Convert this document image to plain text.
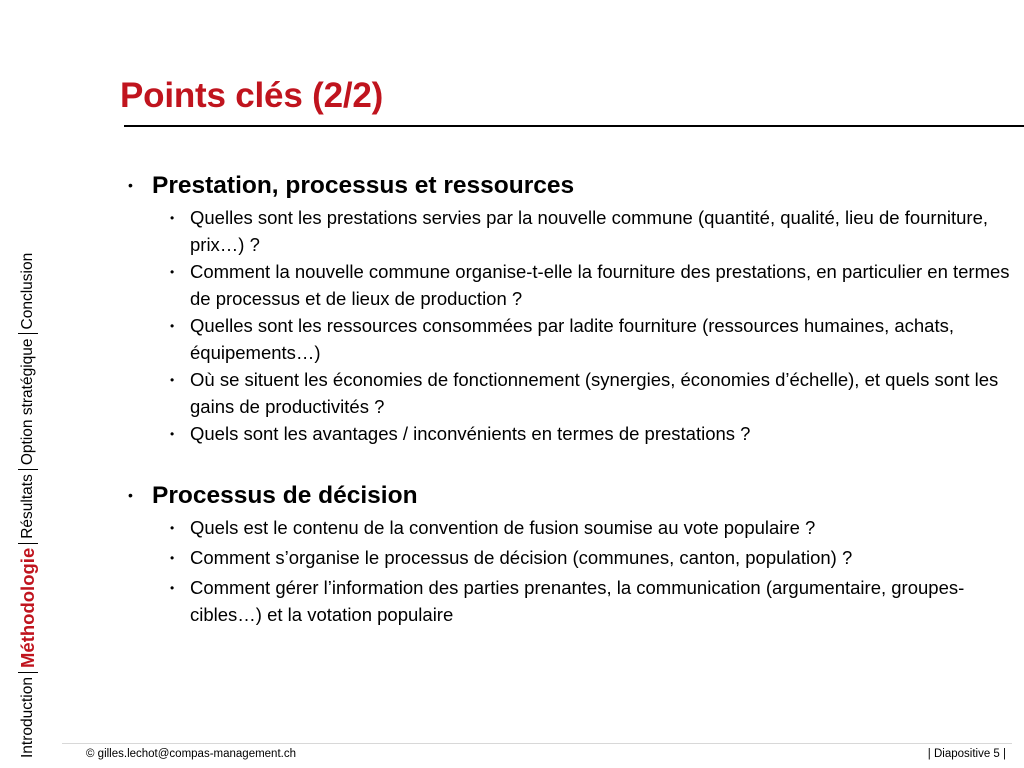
Introduction
Méthodologie
Résultats
Option stratégique
Conclusion
Points clés (2/2)
• Prestation, processus et ressources
• Quelles sont les prestations servies par la nouvelle commune (quantité, qualité, lieu de fourniture, prix…) ?
• Comment la nouvelle commune organise-t-elle la fourniture des prestations, en particulier en termes de processus et de lieux de production ?
• Quelles sont les ressources consommées par ladite fourniture (ressources humaines, achats, équipements…)
• Où se situent les économies de fonctionnement (synergies, économies d’échelle), et quels sont les gains de productivités ?
• Quels sont les avantages / inconvénients en termes de prestations ?
• Processus de décision
• Quels est le contenu de la convention de fusion soumise au vote populaire ?
• Comment s’organise le processus de décision (communes, canton, population) ?
• Comment gérer l’information des parties prenantes, la communication (argumentaire, groupes-cibles…) et la votation populaire
© gilles.lechot@compas-management.ch	| Diapositive 5 |
